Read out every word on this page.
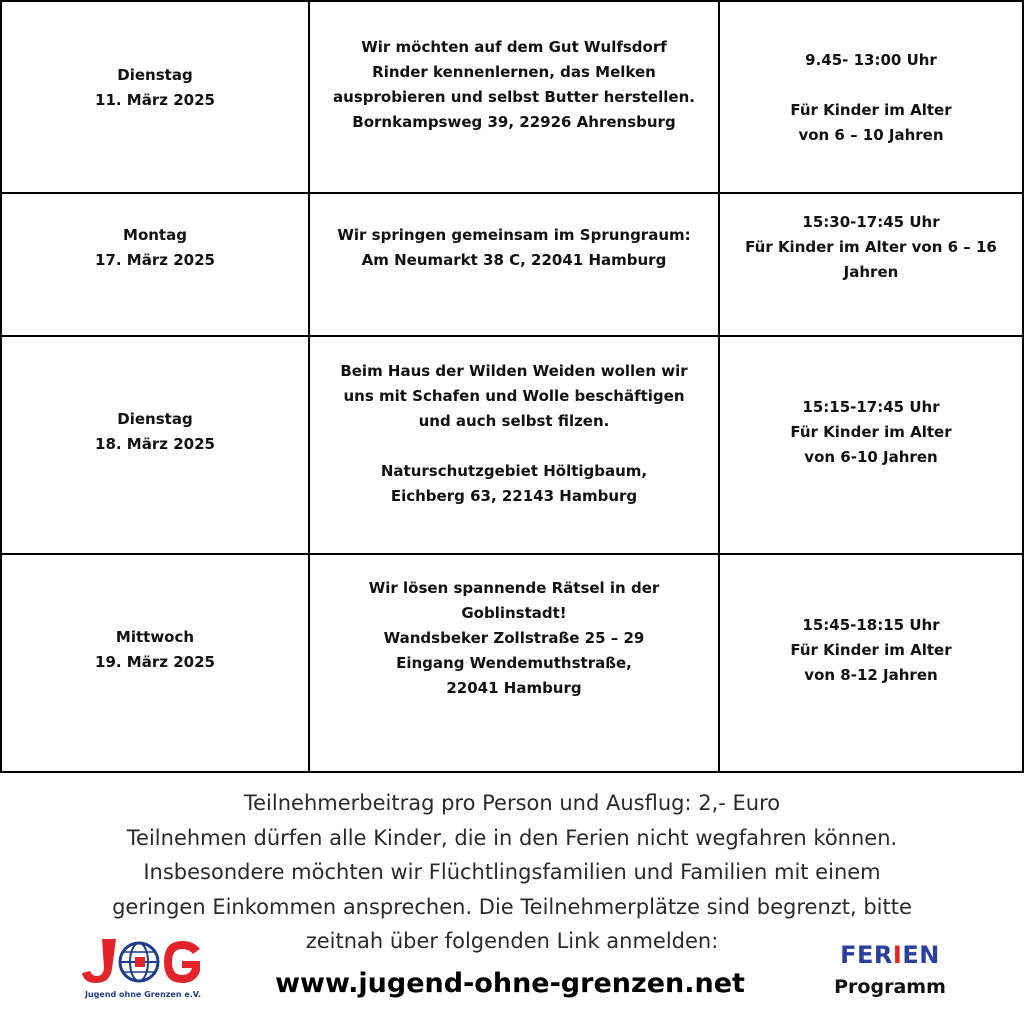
Dienstag
11. März 2025
Wir möchten auf dem Gut Wulfsdorf
Rinder kennenlernen, das Melken
ausprobieren und selbst Butter herstellen.
Bornkampsweg 39, 22926 Ahrensburg
9.45- 13:00 Uhr

Für Kinder im Alter
von 6 – 10 Jahren
Montag
17. März 2025
Wir springen gemeinsam im Sprungraum:
Am Neumarkt 38 C, 22041 Hamburg
15:30-17:45 Uhr
Für Kinder im Alter von 6 – 16
Jahren
Dienstag
18. März 2025
Beim Haus der Wilden Weiden wollen wir
uns mit Schafen und Wolle beschäftigen
und auch selbst filzen.

Naturschutzgebiet Höltigbaum,
Eichberg 63, 22143 Hamburg
15:15-17:45 Uhr
Für Kinder im Alter
von 6-10 Jahren
Mittwoch
19. März 2025
Wir lösen spannende Rätsel in der
Goblinstadt!
Wandsbeker Zollstraße 25 – 29
Eingang Wendemuthstraße,
22041 Hamburg
15:45-18:15 Uhr
Für Kinder im Alter
von 8-12 Jahren
Teilnehmerbeitrag pro Person und Ausflug: 2,- Euro
Teilnehmen dürfen alle Kinder, die in den Ferien nicht wegfahren können.
Insbesondere möchten wir Flüchtlingsfamilien und Familien mit einem
geringen Einkommen ansprechen. Die Teilnehmerplätze sind begrenzt, bitte
zeitnah über folgenden Link anmelden:
Jugend ohne Grenzen e.V.	www.jugend-ohne-grenzen.net
FERIEN
Programm
